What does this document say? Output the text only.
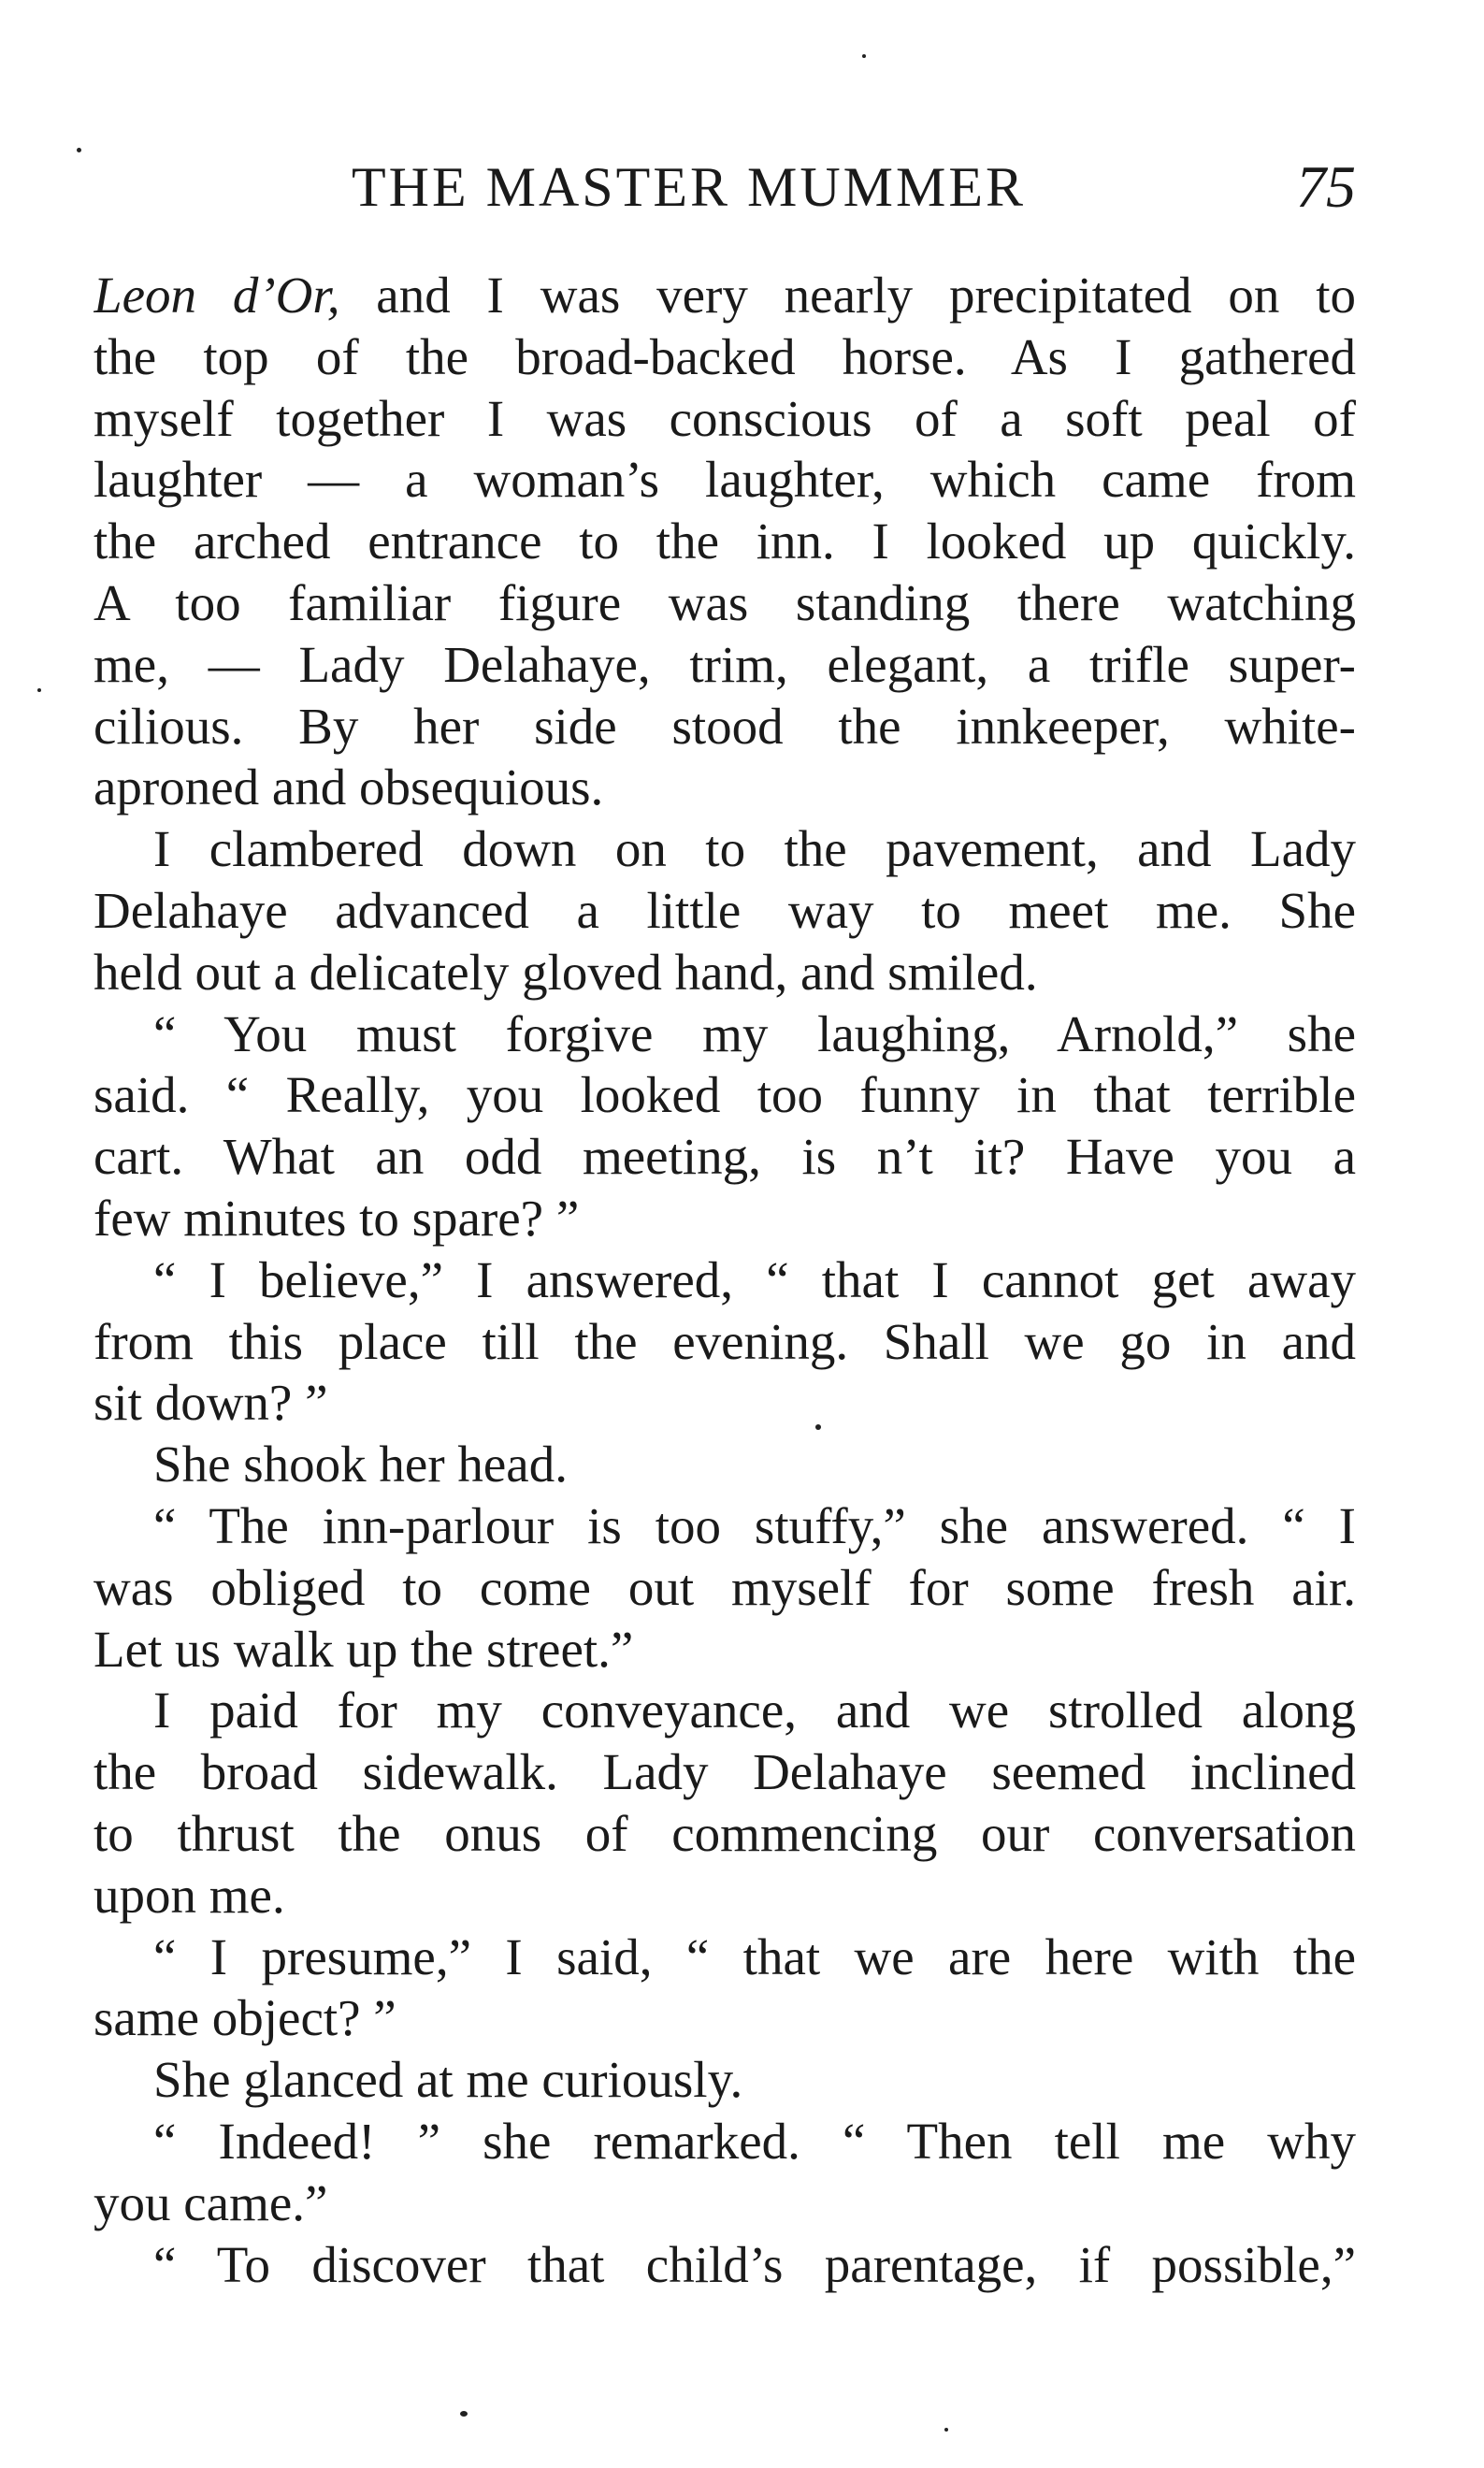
THE MASTER MUMMER	75
Leon d’Or, and I was very nearly precipitated on to
the top of the broad-backed horse. As I gathered
myself together I was conscious of a soft peal of
laughter — a woman’s laughter, which came from
the arched entrance to the inn. I looked up quickly.
A too familiar figure was standing there watching
me, — Lady Delahaye, trim, elegant, a trifle super-
cilious. By her side stood the innkeeper, white-
aproned and obsequious.
I clambered down on to the pavement, and Lady
Delahaye advanced a little way to meet me. She
held out a delicately gloved hand, and smiled.
“ You must forgive my laughing, Arnold,” she
said. “ Really, you looked too funny in that terrible
cart. What an odd meeting, is n’t it? Have you a
few minutes to spare? ”
“ I believe,” I answered, “ that I cannot get away
from this place till the evening. Shall we go in and
sit down? ”
She shook her head.
“ The inn-parlour is too stuffy,” she answered. “ I
was obliged to come out myself for some fresh air.
Let us walk up the street.”
I paid for my conveyance, and we strolled along
the broad sidewalk. Lady Delahaye seemed inclined
to thrust the onus of commencing our conversation
upon me.
“ I presume,” I said, “ that we are here with the
same object? ”
She glanced at me curiously.
“ Indeed! ” she remarked. “ Then tell me why
you came.”
“ To discover that child’s parentage, if possible,”
